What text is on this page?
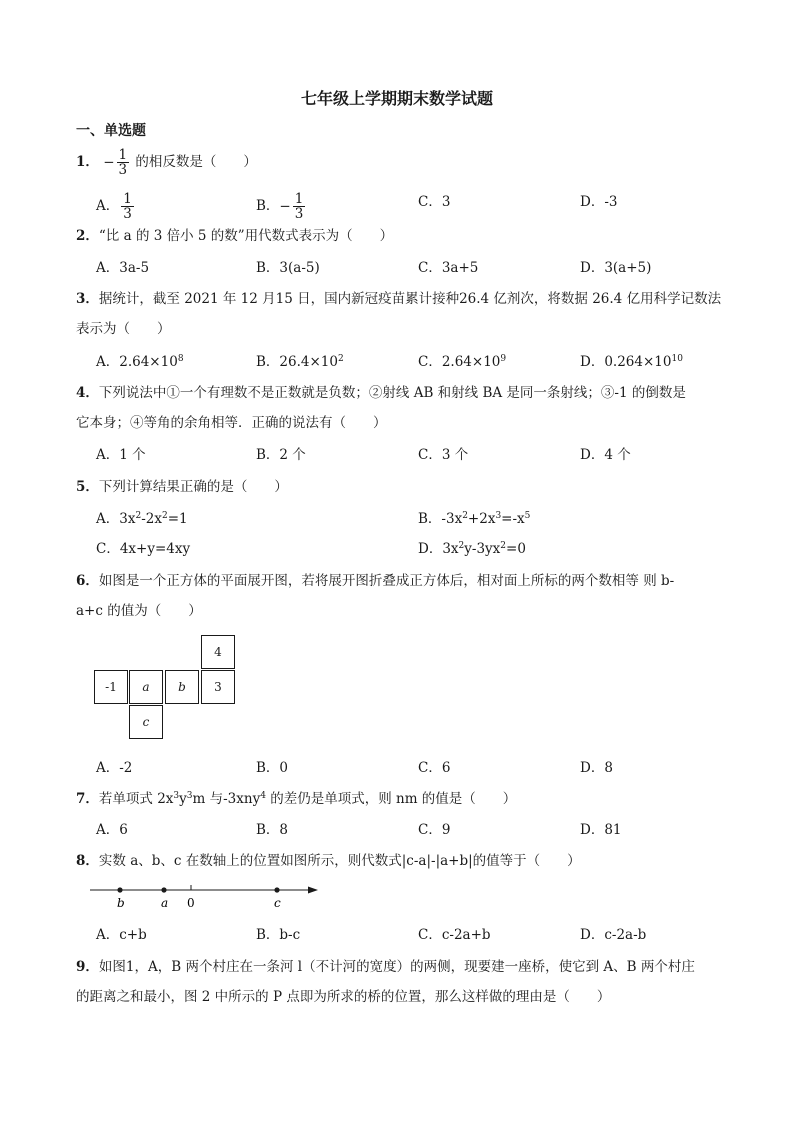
七年级上学期期末数学试题
一、单选题
1． − $\frac{1}{3}$ 的相反数是（　　）
A． $\frac{1}{3}$	B．− $\frac{1}{3}$	C．3	D．-3
2．“比 a 的 3 倍小 5 的数”用代数式表示为（　　）
A．3a-5	B．3(a-5)	C．3a+5	D．3(a+5)
3．据统计，截至 2021 年 12 月15 日，国内新冠疫苗累计接种26.4 亿剂次，将数据 26.4 亿用科学记数法
表示为（　　）
A．$2.64\times 10^8$	B．$26.4\times 10^2$	C．$2.64\times 10^9$	D．$0.264\times 10^{10}$
4．下列说法中①一个有理数不是正数就是负数；②射线 AB 和射线 BA 是同一条射线；③-1 的倒数是
它本身；④等角的余角相等．正确的说法有（　　）
A．1 个	B．2 个	C．3 个	D．4 个
5．下列计算结果正确的是（　　）
A．$3x^2-2x^2=1$	B．$-3x^2+2x^3=-x^5$
C．4x+y=4xy	D．$3x^2y-3yx^2=0$
6．如图是一个正方体的平面展开图，若将展开图折叠成正方体后，相对面上所标的两个数相等 则 b-
a+c 的值为（　　）
4
-1	a	b	3
c
A．-2	B．0	C．6	D．8
7．若单项式 $2x^3y^3m$ 与-3xny$^4$ 的差仍是单项式，则 nm 的值是（　　）
A．6	B．8	C．9	D．81
8．实数 a、b、c 在数轴上的位置如图所示，则代数式|c-a|-|a+b|的值等于（　　）
b	a 0	c
A．c+b	B．b-c	C．c-2a+b	D．c-2a-b
9．如图1，A，B 两个村庄在一条河 l（不计河的宽度）的两侧，现要建一座桥，使它到 A、B 两个村庄
的距离之和最小，图 2 中所示的 P 点即为所求的桥的位置，那么这样做的理由是（　　）
